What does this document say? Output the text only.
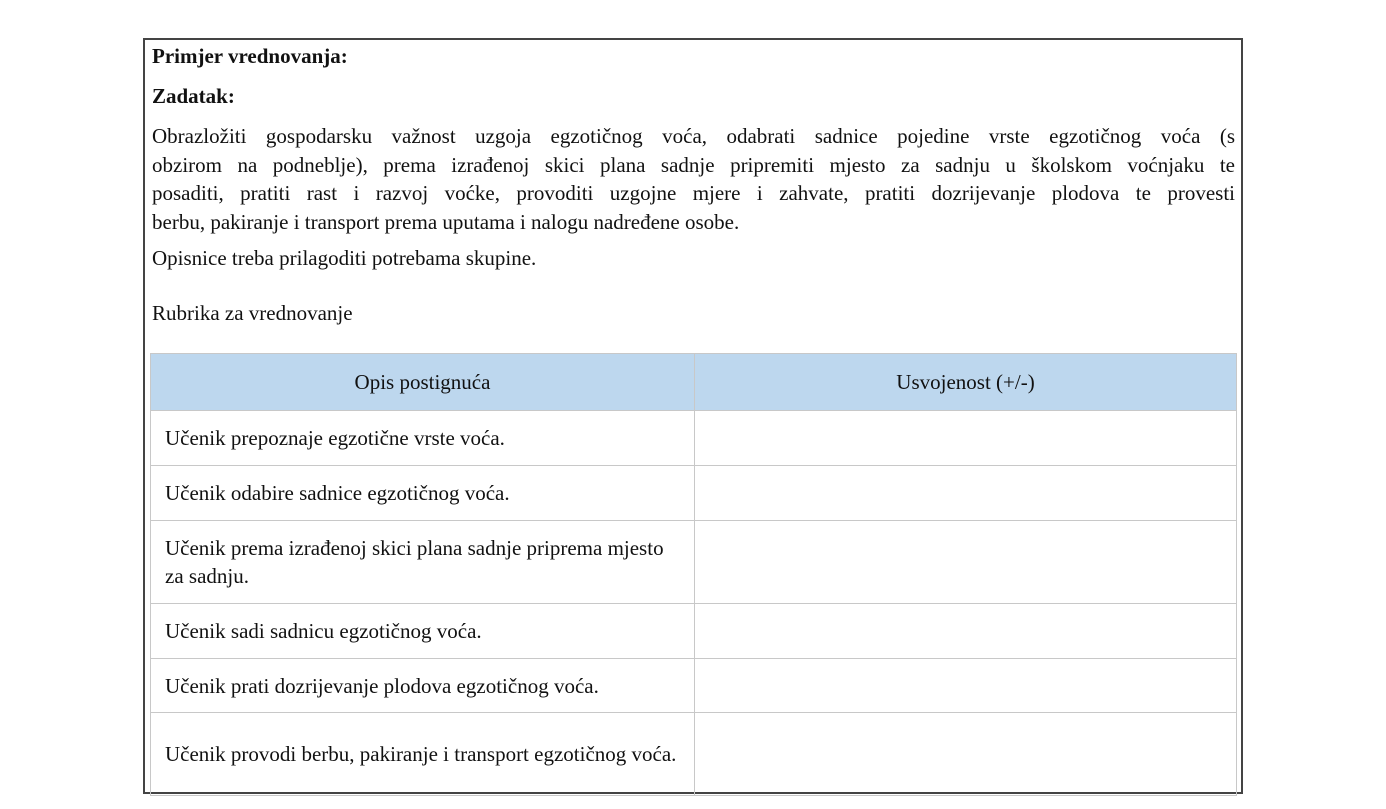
Primjer vrednovanja:
Zadatak:
Obrazložiti gospodarsku važnost uzgoja egzotičnog voća, odabrati sadnice pojedine vrste egzotičnog voća (s
obzirom na podneblje), prema izrađenoj skici plana sadnje pripremiti mjesto za sadnju u školskom voćnjaku te
posaditi, pratiti rast i razvoj voćke, provoditi uzgojne mjere i zahvate, pratiti dozrijevanje plodova te provesti
berbu, pakiranje i transport prema uputama i nalogu nadređene osobe.
Opisnice treba prilagoditi potrebama skupine.
Rubrika za vrednovanje
Opis postignuća	Usvojenost (+/-)
Učenik prepoznaje egzotične vrste voća.	
Učenik odabire sadnice egzotičnog voća.	
Učenik prema izrađenoj skici plana sadnje priprema mjesto za sadnju.	
Učenik sadi sadnicu egzotičnog voća.	
Učenik prati dozrijevanje plodova egzotičnog voća.	
Učenik provodi berbu, pakiranje i transport egzotičnog voća.	
